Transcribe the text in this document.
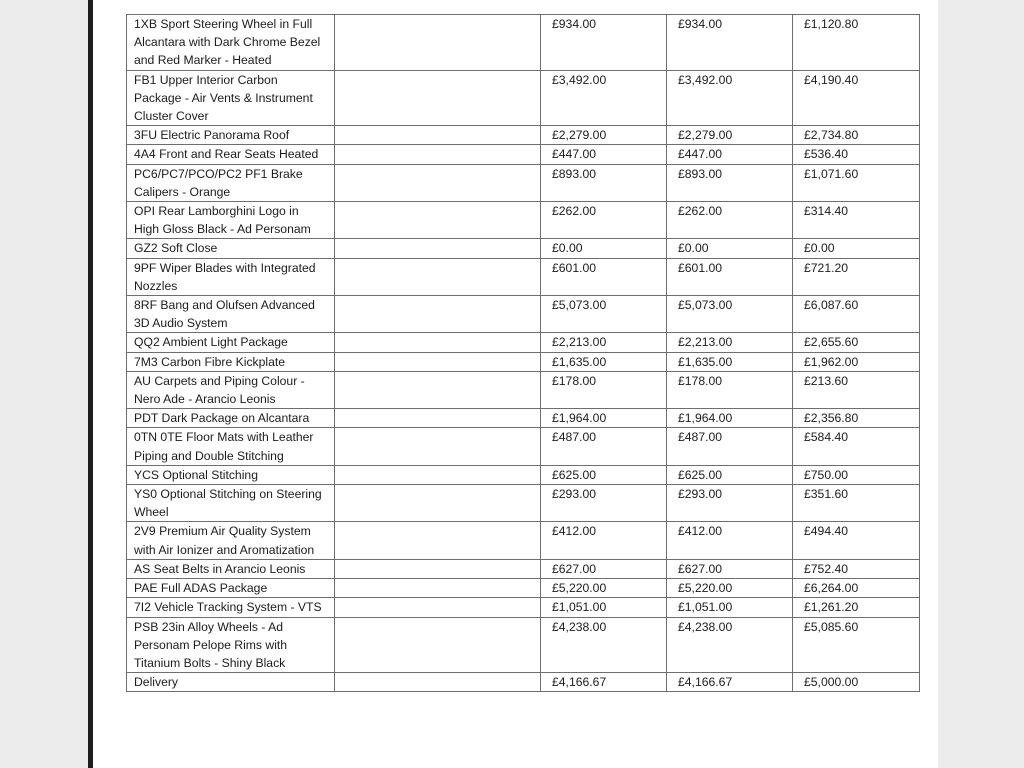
1XB Sport Steering Wheel in Full Alcantara with Dark Chrome Bezel and Red Marker - Heated		£934.00	£934.00	£1,120.80
FB1 Upper Interior Carbon Package - Air Vents & Instrument Cluster Cover		£3,492.00	£3,492.00	£4,190.40
3FU Electric Panorama Roof		£2,279.00	£2,279.00	£2,734.80
4A4 Front and Rear Seats Heated		£447.00	£447.00	£536.40
PC6/PC7/PCO/PC2 PF1 Brake Calipers - Orange		£893.00	£893.00	£1,071.60
OPI Rear Lamborghini Logo in High Gloss Black - Ad Personam		£262.00	£262.00	£314.40
GZ2 Soft Close		£0.00	£0.00	£0.00
9PF Wiper Blades with Integrated Nozzles		£601.00	£601.00	£721.20
8RF Bang and Olufsen Advanced 3D Audio System		£5,073.00	£5,073.00	£6,087.60
QQ2 Ambient Light Package		£2,213.00	£2,213.00	£2,655.60
7M3 Carbon Fibre Kickplate		£1,635.00	£1,635.00	£1,962.00
AU Carpets and Piping Colour - Nero Ade - Arancio Leonis		£178.00	£178.00	£213.60
PDT Dark Package on Alcantara		£1,964.00	£1,964.00	£2,356.80
0TN 0TE Floor Mats with Leather Piping and Double Stitching		£487.00	£487.00	£584.40
YCS Optional Stitching		£625.00	£625.00	£750.00
YS0 Optional Stitching on Steering Wheel		£293.00	£293.00	£351.60
2V9 Premium Air Quality System with Air Ionizer and Aromatization		£412.00	£412.00	£494.40
AS Seat Belts in Arancio Leonis		£627.00	£627.00	£752.40
PAE Full ADAS Package		£5,220.00	£5,220.00	£6,264.00
7I2 Vehicle Tracking System - VTS		£1,051.00	£1,051.00	£1,261.20
PSB 23in Alloy Wheels - Ad Personam Pelope Rims with Titanium Bolts - Shiny Black		£4,238.00	£4,238.00	£5,085.60
Delivery		£4,166.67	£4,166.67	£5,000.00
